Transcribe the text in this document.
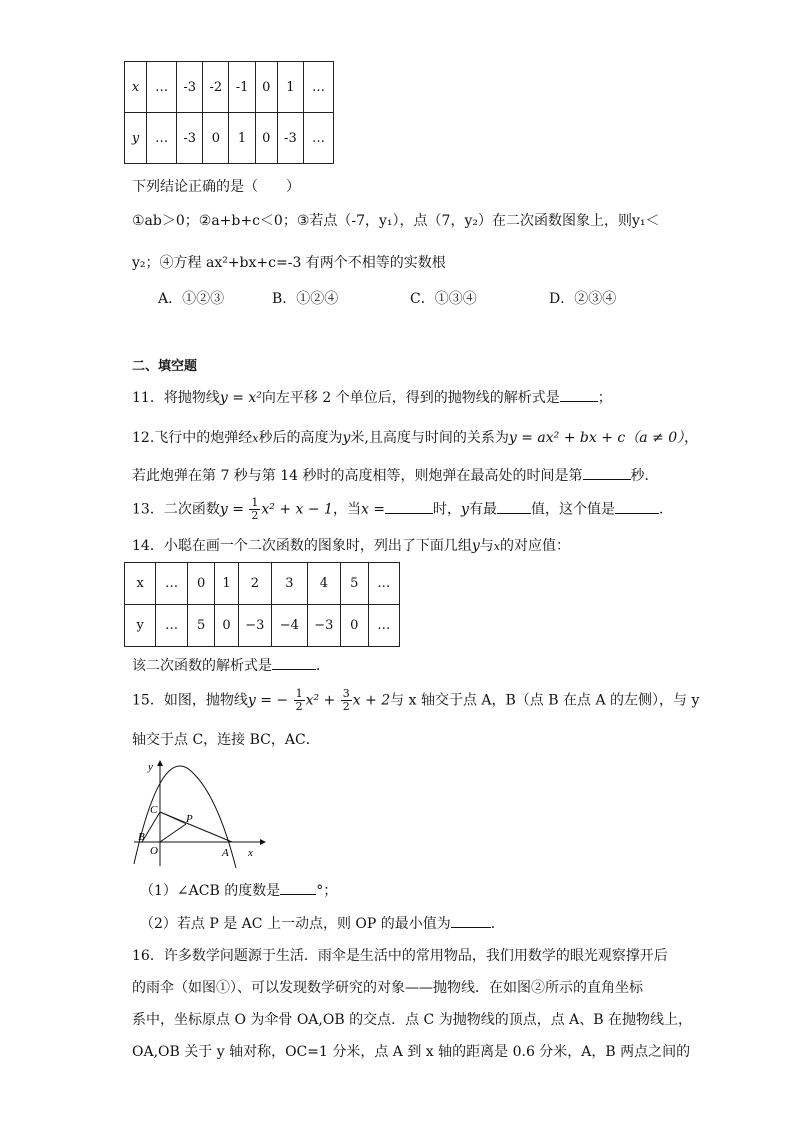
x	…	-3	-2	-1	0	1	…
y	…	-3	0	1	0	-3	…
下列结论正确的是（　　）
①ab＞0；②a+b+c＜0；③若点（-7，y₁），点（7，y₂）在二次函数图象上，则y₁＜
y₂；④方程 ax²+bx+c=-3 有两个不相等的实数根
A．①②③	B．①②④	C．①③④	D．②③④
二、填空题
11．将抛物线y = x²向左平移 2 个单位后，得到的抛物线的解析式是	；
12.飞行中的炮弹经x秒后的高度为y米,且高度与时间的关系为y = ax² + bx + c（a ≠ 0），
若此炮弹在第 7 秒与第 14 秒时的高度相等，则炮弹在最高处的时间是第	秒．
13．二次函数$y = \frac{1}{2} x^2 + x - 1$，当x =	时，y有最 值，这个值是	．
14．小聪在画一个二次函数的图象时，列出了下面几组y与x的对应值：
x	…	0	1	2	3	4	5	…
y	…	5	0	−3	−4	−3	0	…
该二次函数的解析式是	．
15．如图，抛物线y = − $\frac{1}{2} x^2 + \frac{3}{2}$ x + 2与 x 轴交于点 A，B（点 B 在点 A 的左侧），与 y
轴交于点 C，连接 BC，AC．
y
x
C
B
O	A
P
（1）∠ACB 的度数是	°；
（2）若点 P 是 AC 上一动点，则 OP 的最小值为	．
16．许多数学问题源于生活．雨伞是生活中的常用物品，我们用数学的眼光观察撑开后
的雨伞（如图①）、可以发现数学研究的对象——抛物线．在如图②所示的直角坐标
系中，坐标原点 O 为伞骨 OA,OB 的交点．点 C 为抛物线的顶点，点 A、B 在抛物线上，
OA,OB 关于 y 轴对称，OC=1 分米，点 A 到 x 轴的距离是 0.6 分米，A，B 两点之间的
